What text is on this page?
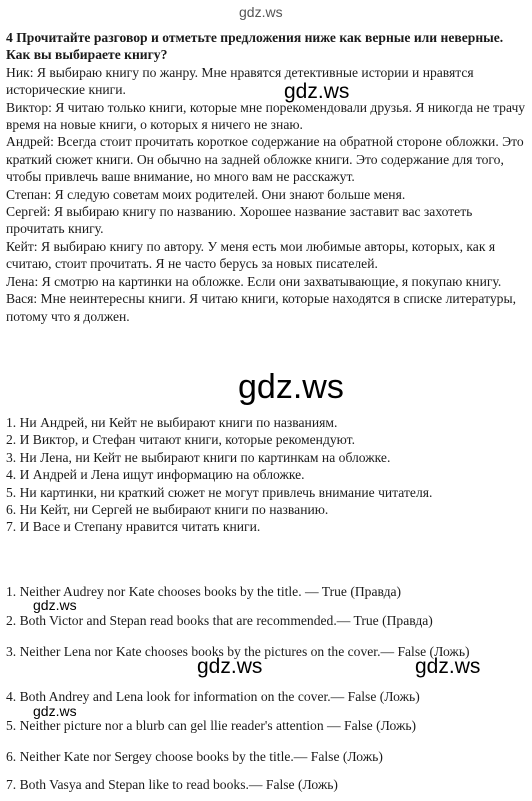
4 Прочитайте разговор и отметьте предложения ниже как верные или неверные. Как вы выбираете книгу?

Ник: Я выбираю книгу по жанру. Мне нравятся детективные истории и нравятся исторические книги.

Виктор: Я читаю только книги, которые мне порекомендовали друзья. Я никогда не трачу время на новые книги, о которых я ничего не знаю.

Андрей: Всегда стоит прочитать короткое содержание на обратной стороне обложки. Это краткий сюжет книги. Он обычно на задней обложке книги. Это содержание для того, чтобы привлечь ваше внимание, но много вам не расскажут.

Степан: Я следую советам моих родителей. Они знают больше меня.

Сергей: Я выбираю книгу по названию. Хорошее название заставит вас захотеть прочитать книгу.

Кейт: Я выбираю книгу по автору. У меня есть мои любимые авторы, которых, как я считаю, стоит прочитать. Я не часто берусь за новых писателей.

Лена: Я смотрю на картинки на обложке. Если они захватывающие, я покупаю книгу.

Вася: Мне неинтересны книги. Я читаю книги, которые находятся в списке литературы, потому что я должен.

1. Ни Андрей, ни Кейт не выбирают книги по названиям.

2. И Виктор, и Стефан читают книги, которые рекомендуют.

3. Ни Лена, ни Кейт не выбирают книги по картинкам на обложке.

4. И Андрей и Лена ищут информацию на обложке.

5. Ни картинки, ни краткий сюжет не могут привлечь внимание читателя.

6. Ни Кейт, ни Сергей не выбирают книги по названию.

7. И Васе и Степану нравится читать книги.

1. Neither Audrey nor Kate chooses books by the title. — True (Правда)
2. Both Victor and Stepan read books that are recommended.— True (Правда)
3. Neither Lena nor Kate chooses books by the pictures on the cover.— False (Ложь)
4. Both Andrey and Lena look for information on the cover.— False (Ложь)
5. Neither picture nor a blurb can gel llie reader's attention — False (Ложь)
6. Neither Kate nor Sergey choose books by the title.— False (Ложь)
7. Both Vasya and Stepan like to read books.— False (Ложь)
gdz.ws
gdz.ws
gdz.ws
gdz.ws
gdz.ws	gdz.ws
gdz.ws
